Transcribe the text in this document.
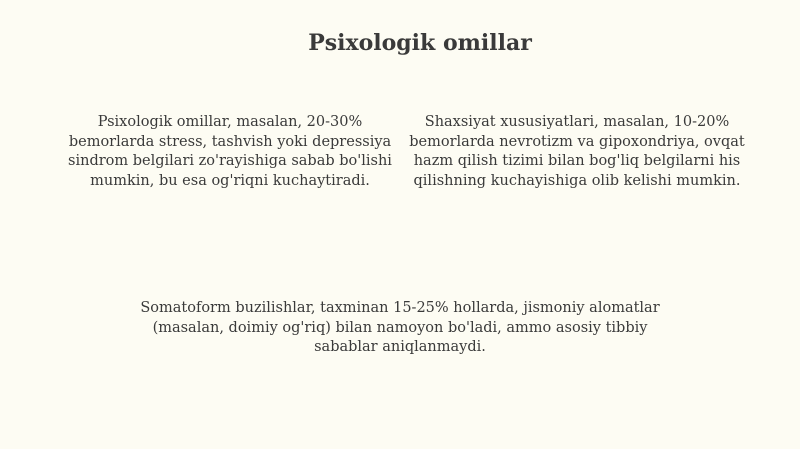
Psixologik omillar

Psixologik omillar, masalan, 20-30% bemorlarda stress, tashvish yoki depressiya sindrom belgilari zo'rayishiga sabab bo'lishi mumkin, bu esa og'riqni kuchaytiradi.

Shaxsiyat xususiyatlari, masalan, 10-20% bemorlarda nevrotizm va gipoxondriya, ovqat hazm qilish tizimi bilan bog'liq belgilarni his qilishning kuchayishiga olib kelishi mumkin.

Somatoform buzilishlar, taxminan 15-25% hollarda, jismoniy alomatlar (masalan, doimiy og'riq) bilan namoyon bo'ladi, ammo asosiy tibbiy sabablar aniqlanmaydi.
